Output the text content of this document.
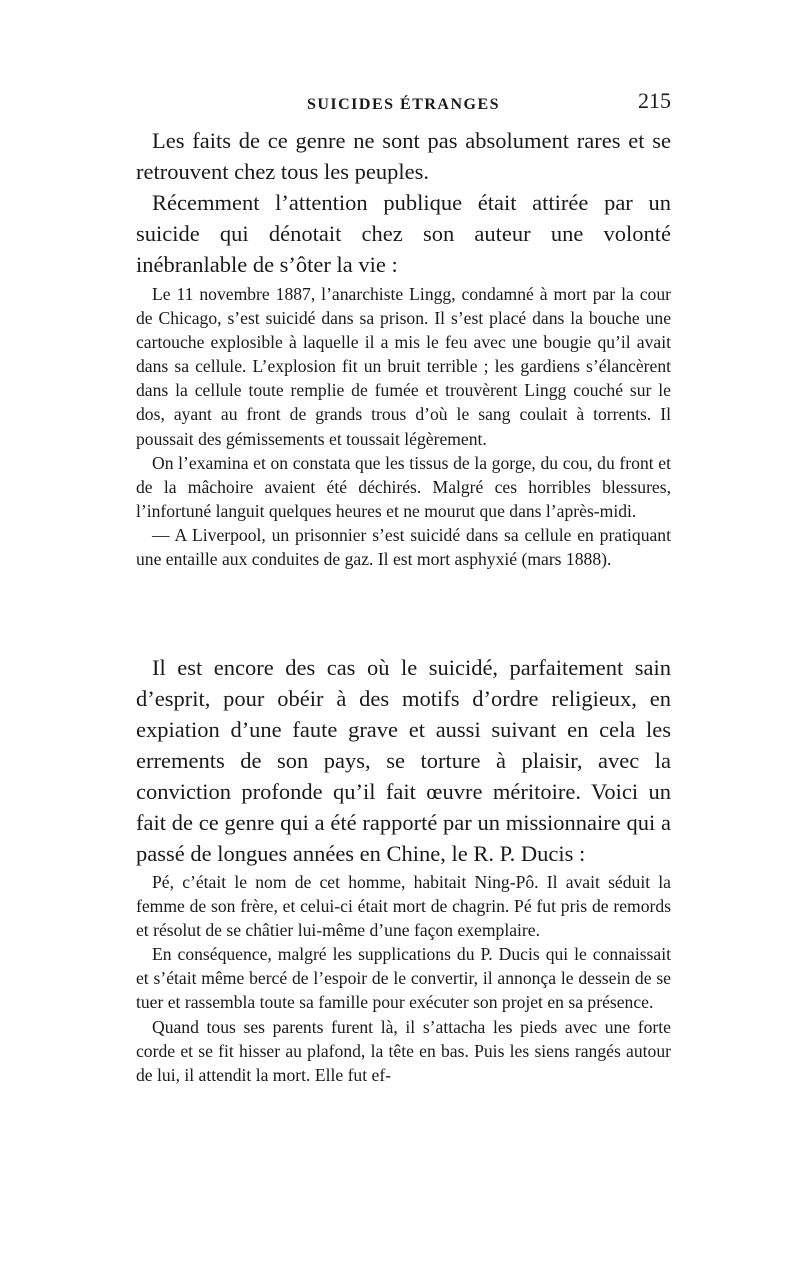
SUICIDES ÉTRANGES	215

Les faits de ce genre ne sont pas absolument rares et se retrouvent chez tous les peuples.

Récemment l’attention publique était attirée par un suicide qui dénotait chez son auteur une volonté inébranlable de s’ôter la vie :

Le 11 novembre 1887, l’anarchiste Lingg, condamné à mort par la cour de Chicago, s’est suicidé dans sa prison. Il s’est placé dans la bouche une cartouche explosible à laquelle il a mis le feu avec une bougie qu’il avait dans sa cellule. L’explosion fit un bruit terrible ; les gardiens s’élancèrent dans la cellule toute remplie de fumée et trouvèrent Lingg couché sur le dos, ayant au front de grands trous d’où le sang coulait à torrents. Il poussait des gémissements et toussait légèrement.

On l’examina et on constata que les tissus de la gorge, du cou, du front et de la mâchoire avaient été déchirés. Malgré ces horribles blessures, l’infortuné languit quelques heures et ne mourut que dans l’après-midi.

— A Liverpool, un prisonnier s’est suicidé dans sa cellule en pratiquant une entaille aux conduites de gaz. Il est mort asphyxié (mars 1888).

Il est encore des cas où le suicidé, parfaitement sain d’esprit, pour obéir à des motifs d’ordre religieux, en expiation d’une faute grave et aussi suivant en cela les errements de son pays, se torture à plaisir, avec la conviction profonde qu’il fait œuvre méritoire. Voici un fait de ce genre qui a été rapporté par un missionnaire qui a passé de longues années en Chine, le R. P. Ducis :

Pé, c’était le nom de cet homme, habitait Ning-Pô. Il avait séduit la femme de son frère, et celui-ci était mort de chagrin. Pé fut pris de remords et résolut de se châtier lui-même d’une façon exemplaire.

En conséquence, malgré les supplications du P. Ducis qui le connaissait et s’était même bercé de l’espoir de le convertir, il annonça le dessein de se tuer et rassembla toute sa famille pour exécuter son projet en sa présence.

Quand tous ses parents furent là, il s’attacha les pieds avec une forte corde et se fit hisser au plafond, la tête en bas. Puis les siens rangés autour de lui, il attendit la mort. Elle fut ef-
